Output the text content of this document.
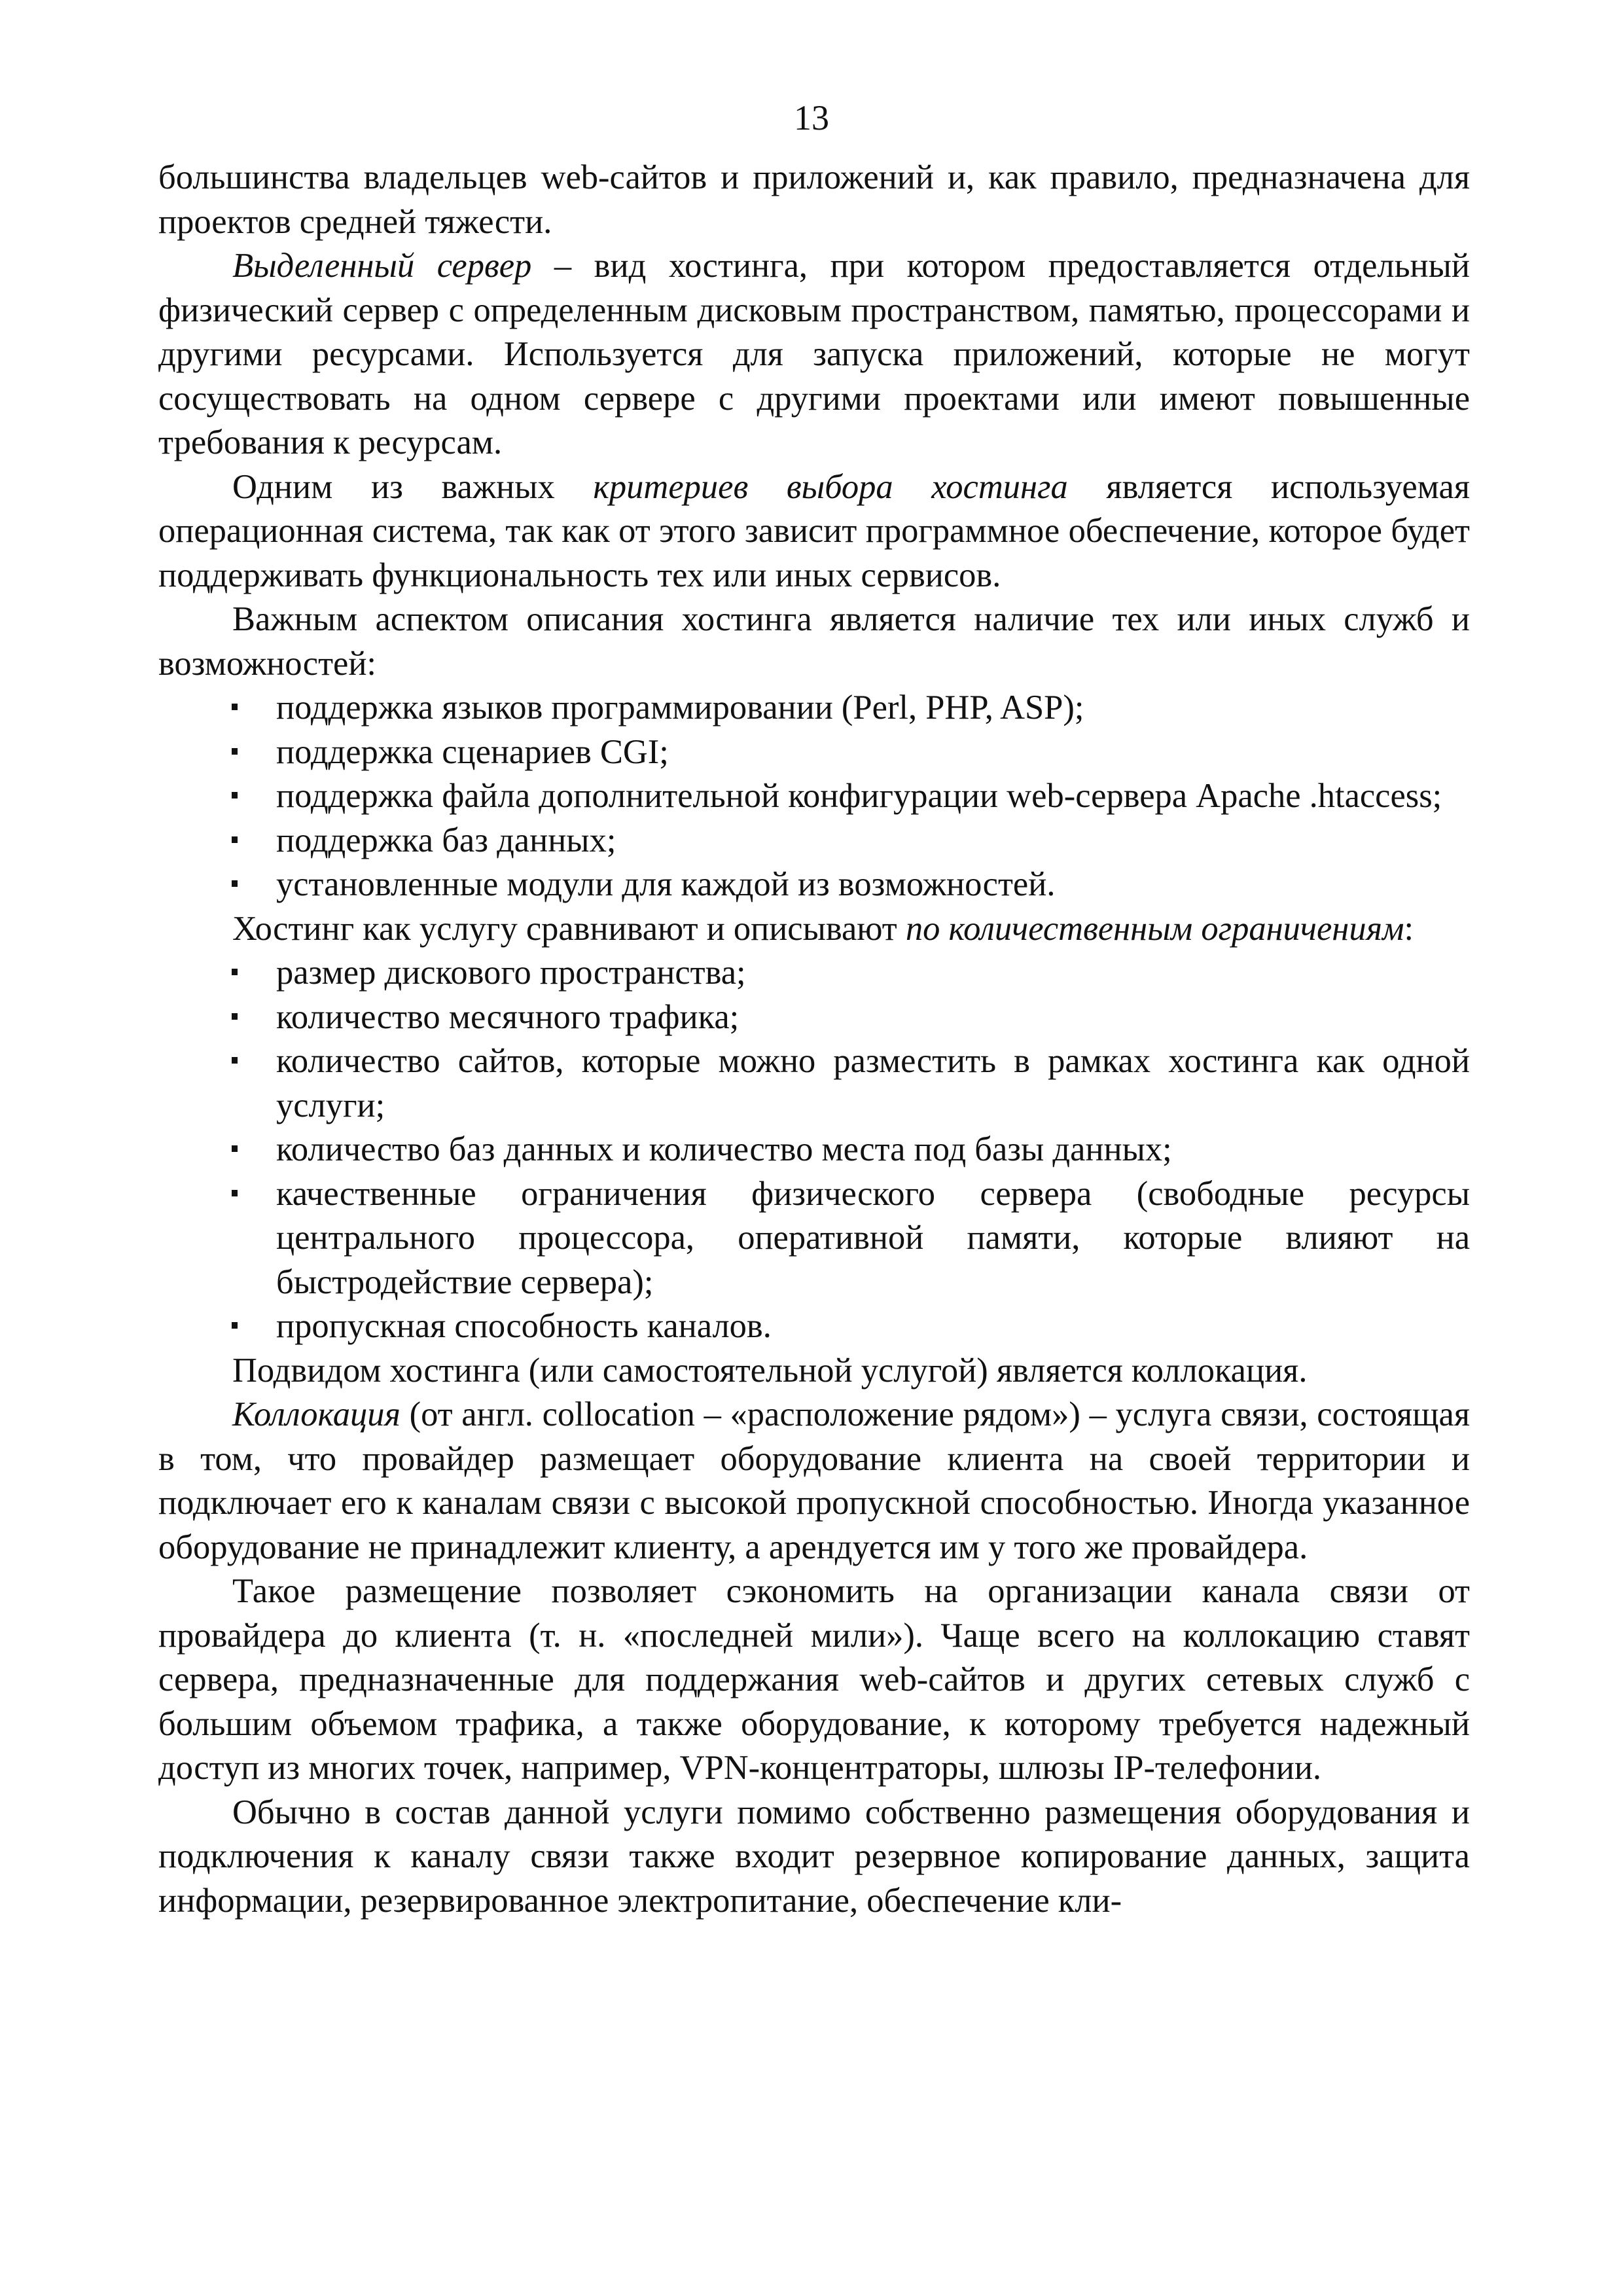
13

большинства владельцев web-сайтов и приложений и, как правило, предназначена для проектов средней тяжести.

Выделенный сервер – вид хостинга, при котором предоставляется отдельный физический сервер с определенным дисковым пространством, памятью, процессорами и другими ресурсами. Используется для запуска приложений, которые не могут сосуществовать на одном сервере с другими проектами или имеют повышенные требования к ресурсам.

Одним из важных критериев выбора хостинга является используемая операционная система, так как от этого зависит программное обеспечение, которое будет поддерживать функциональность тех или иных сервисов.

Важным аспектом описания хостинга является наличие тех или иных служб и возможностей:

поддержка языков программировании (Perl, PHP, ASP);
поддержка сценариев CGI;
поддержка файла дополнительной конфигурации web-сервера Apache .htaccess;
поддержка баз данных;
установленные модули для каждой из возможностей.

Хостинг как услугу сравнивают и описывают по количественным ограничениям:

размер дискового пространства;
количество месячного трафика;
количество сайтов, которые можно разместить в рамках хостинга как одной услуги;
количество баз данных и количество места под базы данных;
качественные ограничения физического сервера (свободные ресурсы центрального процессора, оперативной памяти, которые влияют на быстродействие сервера);
пропускная способность каналов.

Подвидом хостинга (или самостоятельной услугой) является коллокация.

Коллокация (от англ. collocation – «расположение рядом») – услуга связи, состоящая в том, что провайдер размещает оборудование клиента на своей территории и подключает его к каналам связи с высокой пропускной способностью. Иногда указанное оборудование не принадлежит клиенту, а арендуется им у того же провайдера.

Такое размещение позволяет сэкономить на организации канала связи от провайдера до клиента (т. н. «последней мили»). Чаще всего на коллокацию ставят сервера, предназначенные для поддержания web-сайтов и других сетевых служб с большим объемом трафика, а также оборудование, к которому требуется надежный доступ из многих точек, например, VPN-концентраторы, шлюзы IP-телефонии.

Обычно в состав данной услуги помимо собственно размещения оборудования и подключения к каналу связи также входит резервное копирование данных, защита информации, резервированное электропитание, обеспечение кли-
